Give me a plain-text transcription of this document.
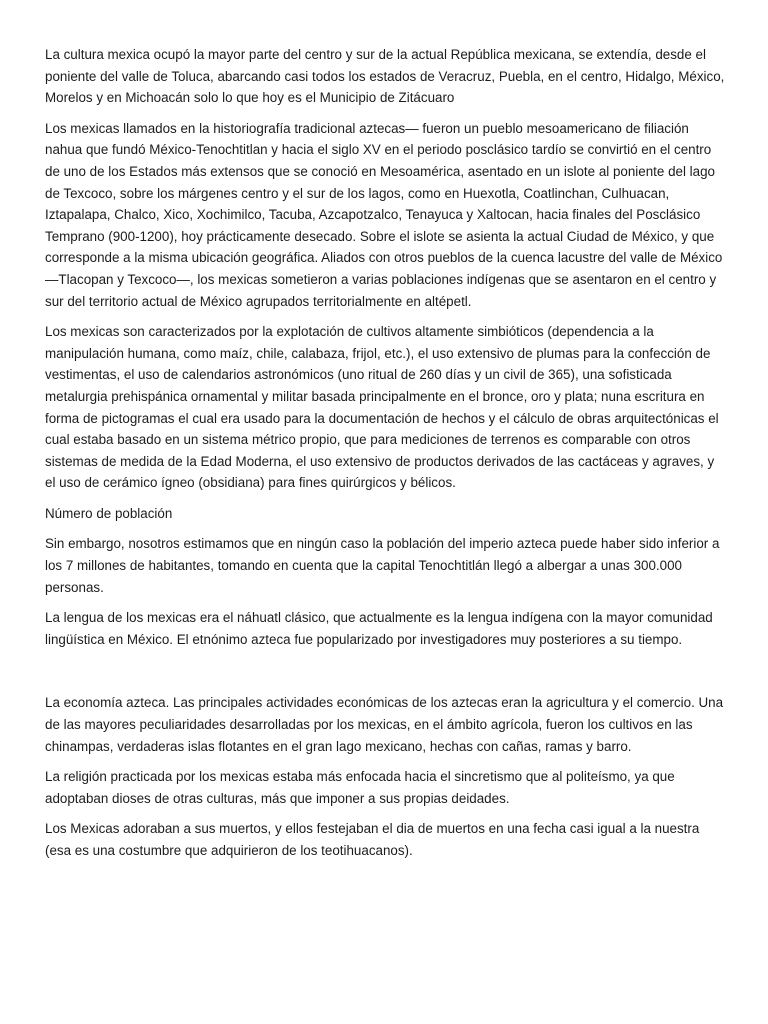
La cultura mexica ocupó la mayor parte del centro y sur de la actual República mexicana, se extendía, desde el poniente del valle de Toluca, abarcando casi todos los estados de Veracruz, Puebla, en el centro, Hidalgo, México, Morelos y en Michoacán solo lo que hoy es el Municipio de Zitácuaro

Los mexicas llamados en la historiografía tradicional aztecas— fueron un pueblo mesoamericano de filiación nahua que fundó México-Tenochtitlan y hacia el siglo XV en el periodo posclásico tardío se convirtió en el centro de uno de los Estados más extensos que se conoció en Mesoamérica, asentado en un islote al poniente del lago de Texcoco, sobre los márgenes centro y el sur de los lagos, como en Huexotla, Coatlinchan, Culhuacan, Iztapalapa, Chalco, Xico, Xochimilco, Tacuba, Azcapotzalco, Tenayuca y Xaltocan, hacia finales del Posclásico Temprano (900-1200), hoy prácticamente desecado. Sobre el islote se asienta la actual Ciudad de México, y que corresponde a la misma ubicación geográfica. Aliados con otros pueblos de la cuenca lacustre del valle de México —Tlacopan y Texcoco—, los mexicas sometieron a varias poblaciones indígenas que se asentaron en el centro y sur del territorio actual de México agrupados territorialmente en altépetl.

Los mexicas son caracterizados por la explotación de cultivos altamente simbióticos (dependencia a la manipulación humana, como maíz, chile, calabaza, frijol, etc.), el uso extensivo de plumas para la confección de vestimentas, el uso de calendarios astronómicos (uno ritual de 260 días y un civil de 365), una sofisticada metalurgia prehispánica ornamental y militar basada principalmente en el bronce, oro y plata; nuna escritura en forma de pictogramas el cual era usado para la documentación de hechos y el cálculo de obras arquitectónicas el cual estaba basado en un sistema métrico propio, que para mediciones de terrenos es comparable con otros sistemas de medida de la Edad Moderna, el uso extensivo de productos derivados de las cactáceas y agraves, y el uso de cerámico ígneo (obsidiana) para fines quirúrgicos y bélicos.

Número de población

Sin embargo, nosotros estimamos que en ningún caso la población del imperio azteca puede haber sido inferior a los 7 millones de habitantes, tomando en cuenta que la capital Tenochtitlán llegó a albergar a unas 300.000 personas.

La lengua de los mexicas era el náhuatl clásico, que actualmente es la lengua indígena con la mayor comunidad lingüística en México. El etnónimo azteca fue popularizado por investigadores muy posteriores a su tiempo.

La economía azteca. Las principales actividades económicas de los aztecas eran la agricultura y el comercio. Una de las mayores peculiaridades desarrolladas por los mexicas, en el ámbito agrícola, fueron los cultivos en las chinampas, verdaderas islas flotantes en el gran lago mexicano, hechas con cañas, ramas y barro.

La religión practicada por los mexicas estaba más enfocada hacia el sincretismo que al politeísmo, ya que adoptaban dioses de otras culturas, más que imponer a sus propias deidades.

Los Mexicas adoraban a sus muertos, y ellos festejaban el dia de muertos en una fecha casi igual a la nuestra (esa es una costumbre que adquirieron de los teotihuacanos).
